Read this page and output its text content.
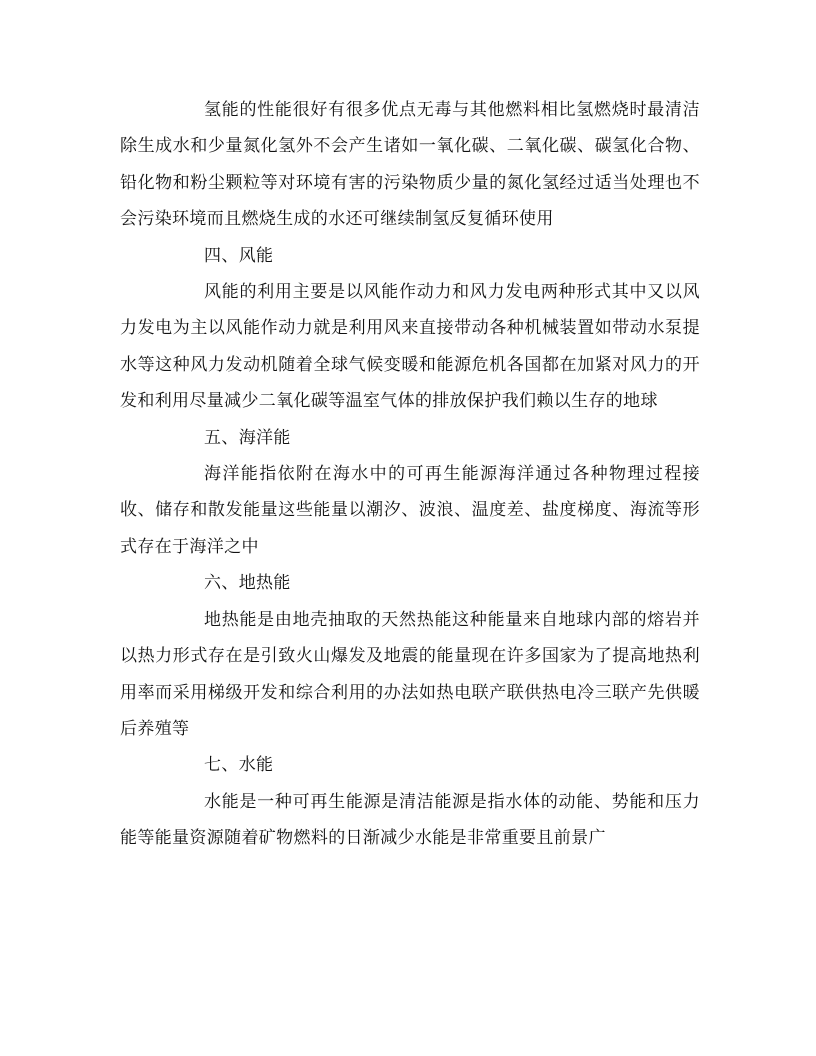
氢能的性能很好有很多优点无毒与其他燃料相比氢燃烧时最清洁除生成水和少量氮化氢外不会产生诸如一氧化碳、二氧化碳、碳氢化合物、铅化物和粉尘颗粒等对环境有害的污染物质少量的氮化氢经过适当处理也不会污染环境而且燃烧生成的水还可继续制氢反复循环使用

四、风能

风能的利用主要是以风能作动力和风力发电两种形式其中又以风力发电为主以风能作动力就是利用风来直接带动各种机械装置如带动水泵提水等这种风力发动机随着全球气候变暖和能源危机各国都在加紧对风力的开发和利用尽量减少二氧化碳等温室气体的排放保护我们赖以生存的地球

五、海洋能

海洋能指依附在海水中的可再生能源海洋通过各种物理过程接收、储存和散发能量这些能量以潮汐、波浪、温度差、盐度梯度、海流等形式存在于海洋之中

六、地热能

地热能是由地壳抽取的天然热能这种能量来自地球内部的熔岩并以热力形式存在是引致火山爆发及地震的能量现在许多国家为了提高地热利用率而采用梯级开发和综合利用的办法如热电联产联供热电冷三联产先供暖后养殖等

七、水能

水能是一种可再生能源是清洁能源是指水体的动能、势能和压力能等能量资源随着矿物燃料的日渐减少水能是非常重要且前景广
